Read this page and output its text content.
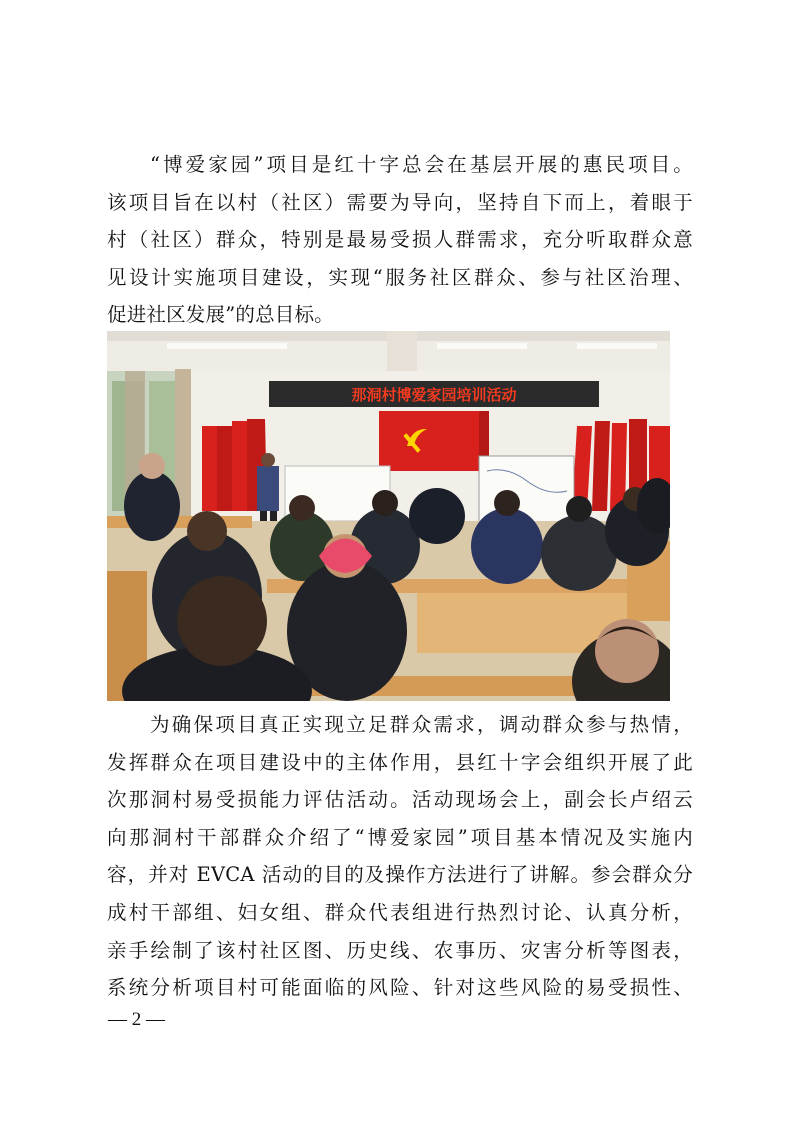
“博爱家园”项目是红十字总会在基层开展的惠民项目。
该项目旨在以村（社区）需要为导向，坚持自下而上，着眼于
村（社区）群众，特别是最易受损人群需求，充分听取群众意
见设计实施项目建设，实现“服务社区群众、参与社区治理、
促进社区发展”的总目标。
那洞村博爱家园培训活动
为确保项目真正实现立足群众需求，调动群众参与热情，
发挥群众在项目建设中的主体作用，县红十字会组织开展了此
次那洞村易受损能力评估活动。活动现场会上，副会长卢绍云
向那洞村干部群众介绍了“博爱家园”项目基本情况及实施内
容，并对 EVCA 活动的目的及操作方法进行了讲解。参会群众分
成村干部组、妇女组、群众代表组进行热烈讨论、认真分析，
亲手绘制了该村社区图、历史线、农事历、灾害分析等图表，
系统分析项目村可能面临的风险、针对这些风险的易受损性、
— 2 —
